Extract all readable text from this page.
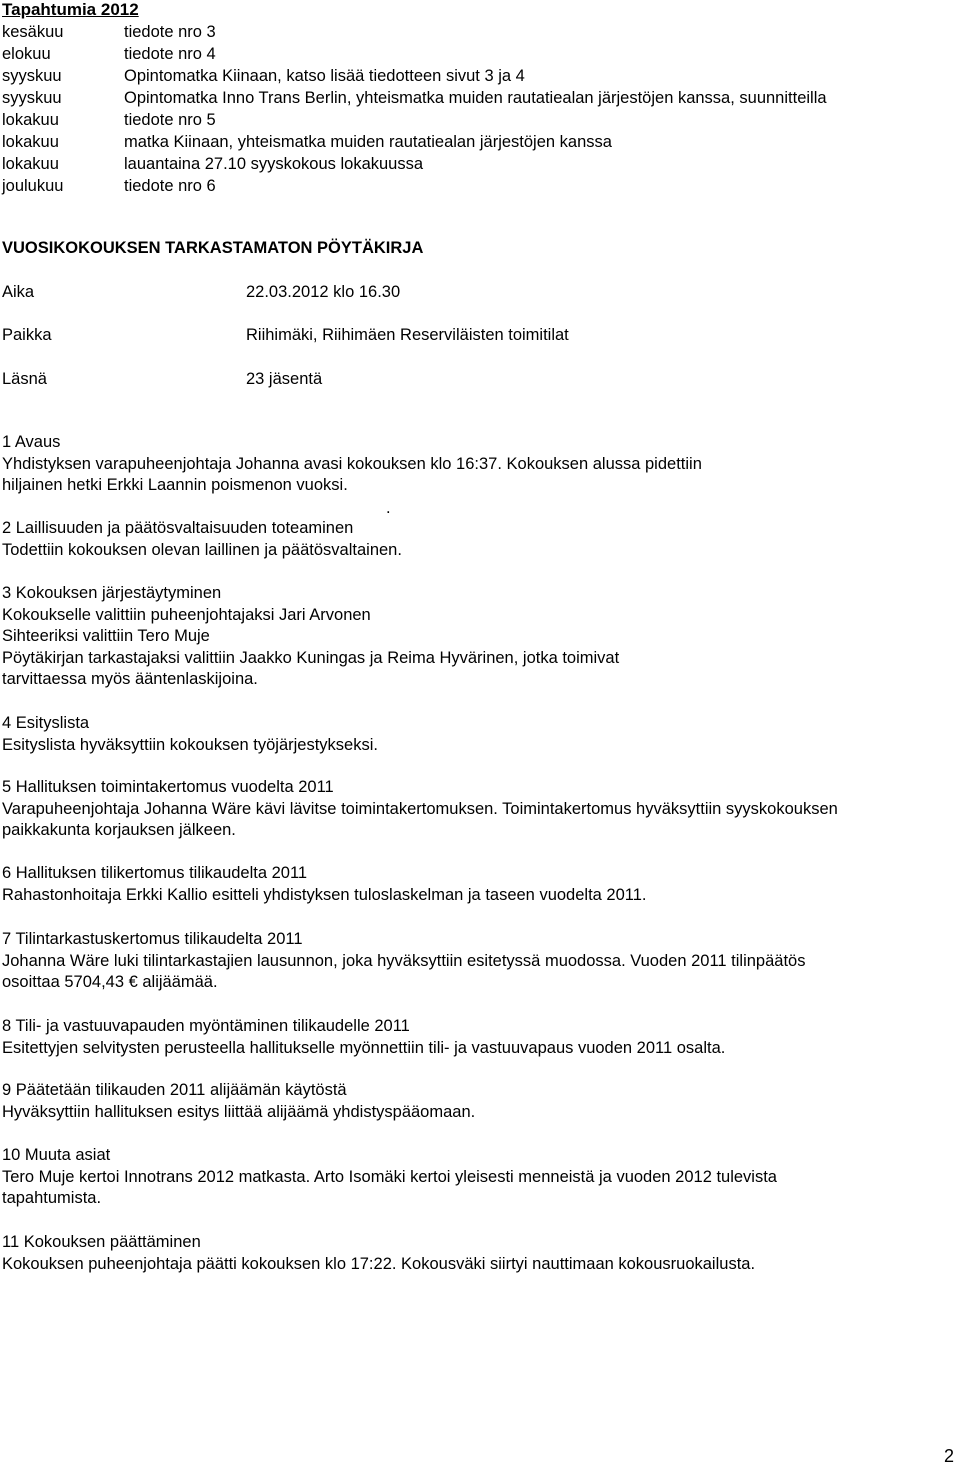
Tapahtumia 2012
kesäkuu	tiedote nro 3
elokuu	tiedote nro 4
syyskuu	Opintomatka Kiinaan, katso lisää tiedotteen sivut 3 ja 4
syyskuu	Opintomatka Inno Trans Berlin, yhteismatka muiden rautatiealan järjestöjen kanssa, suunnitteilla
lokakuu	tiedote nro 5
lokakuu	matka Kiinaan, yhteismatka muiden rautatiealan järjestöjen kanssa
lokakuu	lauantaina 27.10 syyskokous lokakuussa
joulukuu	tiedote nro 6
VUOSIKOKOUKSEN TARKASTAMATON PÖYTÄKIRJA
Aika	22.03.2012 klo 16.30
Paikka	Riihimäki, Riihimäen Reserviläisten toimitilat
Läsnä	23 jäsentä
1 Avaus
Yhdistyksen varapuheenjohtaja Johanna avasi kokouksen klo 16:37. Kokouksen alussa pidettiin
hiljainen hetki Erkki Laannin poismenon vuoksi.
.
2 Laillisuuden ja päätösvaltaisuuden toteaminen
Todettiin kokouksen olevan laillinen ja päätösvaltainen.
3 Kokouksen järjestäytyminen
Kokoukselle valittiin puheenjohtajaksi Jari Arvonen
Sihteeriksi valittiin Tero Muje
Pöytäkirjan tarkastajaksi valittiin Jaakko Kuningas ja Reima Hyvärinen, jotka toimivat
tarvittaessa myös ääntenlaskijoina.
4 Esityslista
Esityslista hyväksyttiin kokouksen työjärjestykseksi.
5 Hallituksen toimintakertomus vuodelta 2011
Varapuheenjohtaja Johanna Wäre kävi lävitse toimintakertomuksen. Toimintakertomus hyväksyttiin syyskokouksen
paikkakunta korjauksen jälkeen.
6 Hallituksen tilikertomus tilikaudelta 2011
Rahastonhoitaja Erkki Kallio esitteli yhdistyksen tuloslaskelman ja taseen vuodelta 2011.
7 Tilintarkastuskertomus tilikaudelta 2011
Johanna Wäre luki tilintarkastajien lausunnon, joka hyväksyttiin esitetyssä muodossa. Vuoden 2011 tilinpäätös
osoittaa 5704,43 € alijäämää.
8 Tili- ja vastuuvapauden myöntäminen tilikaudelle 2011
Esitettyjen selvitysten perusteella hallitukselle myönnettiin tili- ja vastuuvapaus vuoden 2011 osalta.
9 Päätetään tilikauden 2011 alijäämän käytöstä
Hyväksyttiin hallituksen esitys liittää alijäämä yhdistyspääomaan.
10 Muuta asiat
Tero Muje kertoi Innotrans 2012 matkasta. Arto Isomäki kertoi yleisesti menneistä ja vuoden 2012 tulevista
tapahtumista.
11 Kokouksen päättäminen
Kokouksen puheenjohtaja päätti kokouksen klo 17:22. Kokousväki siirtyi nauttimaan kokousruokailusta.
2
